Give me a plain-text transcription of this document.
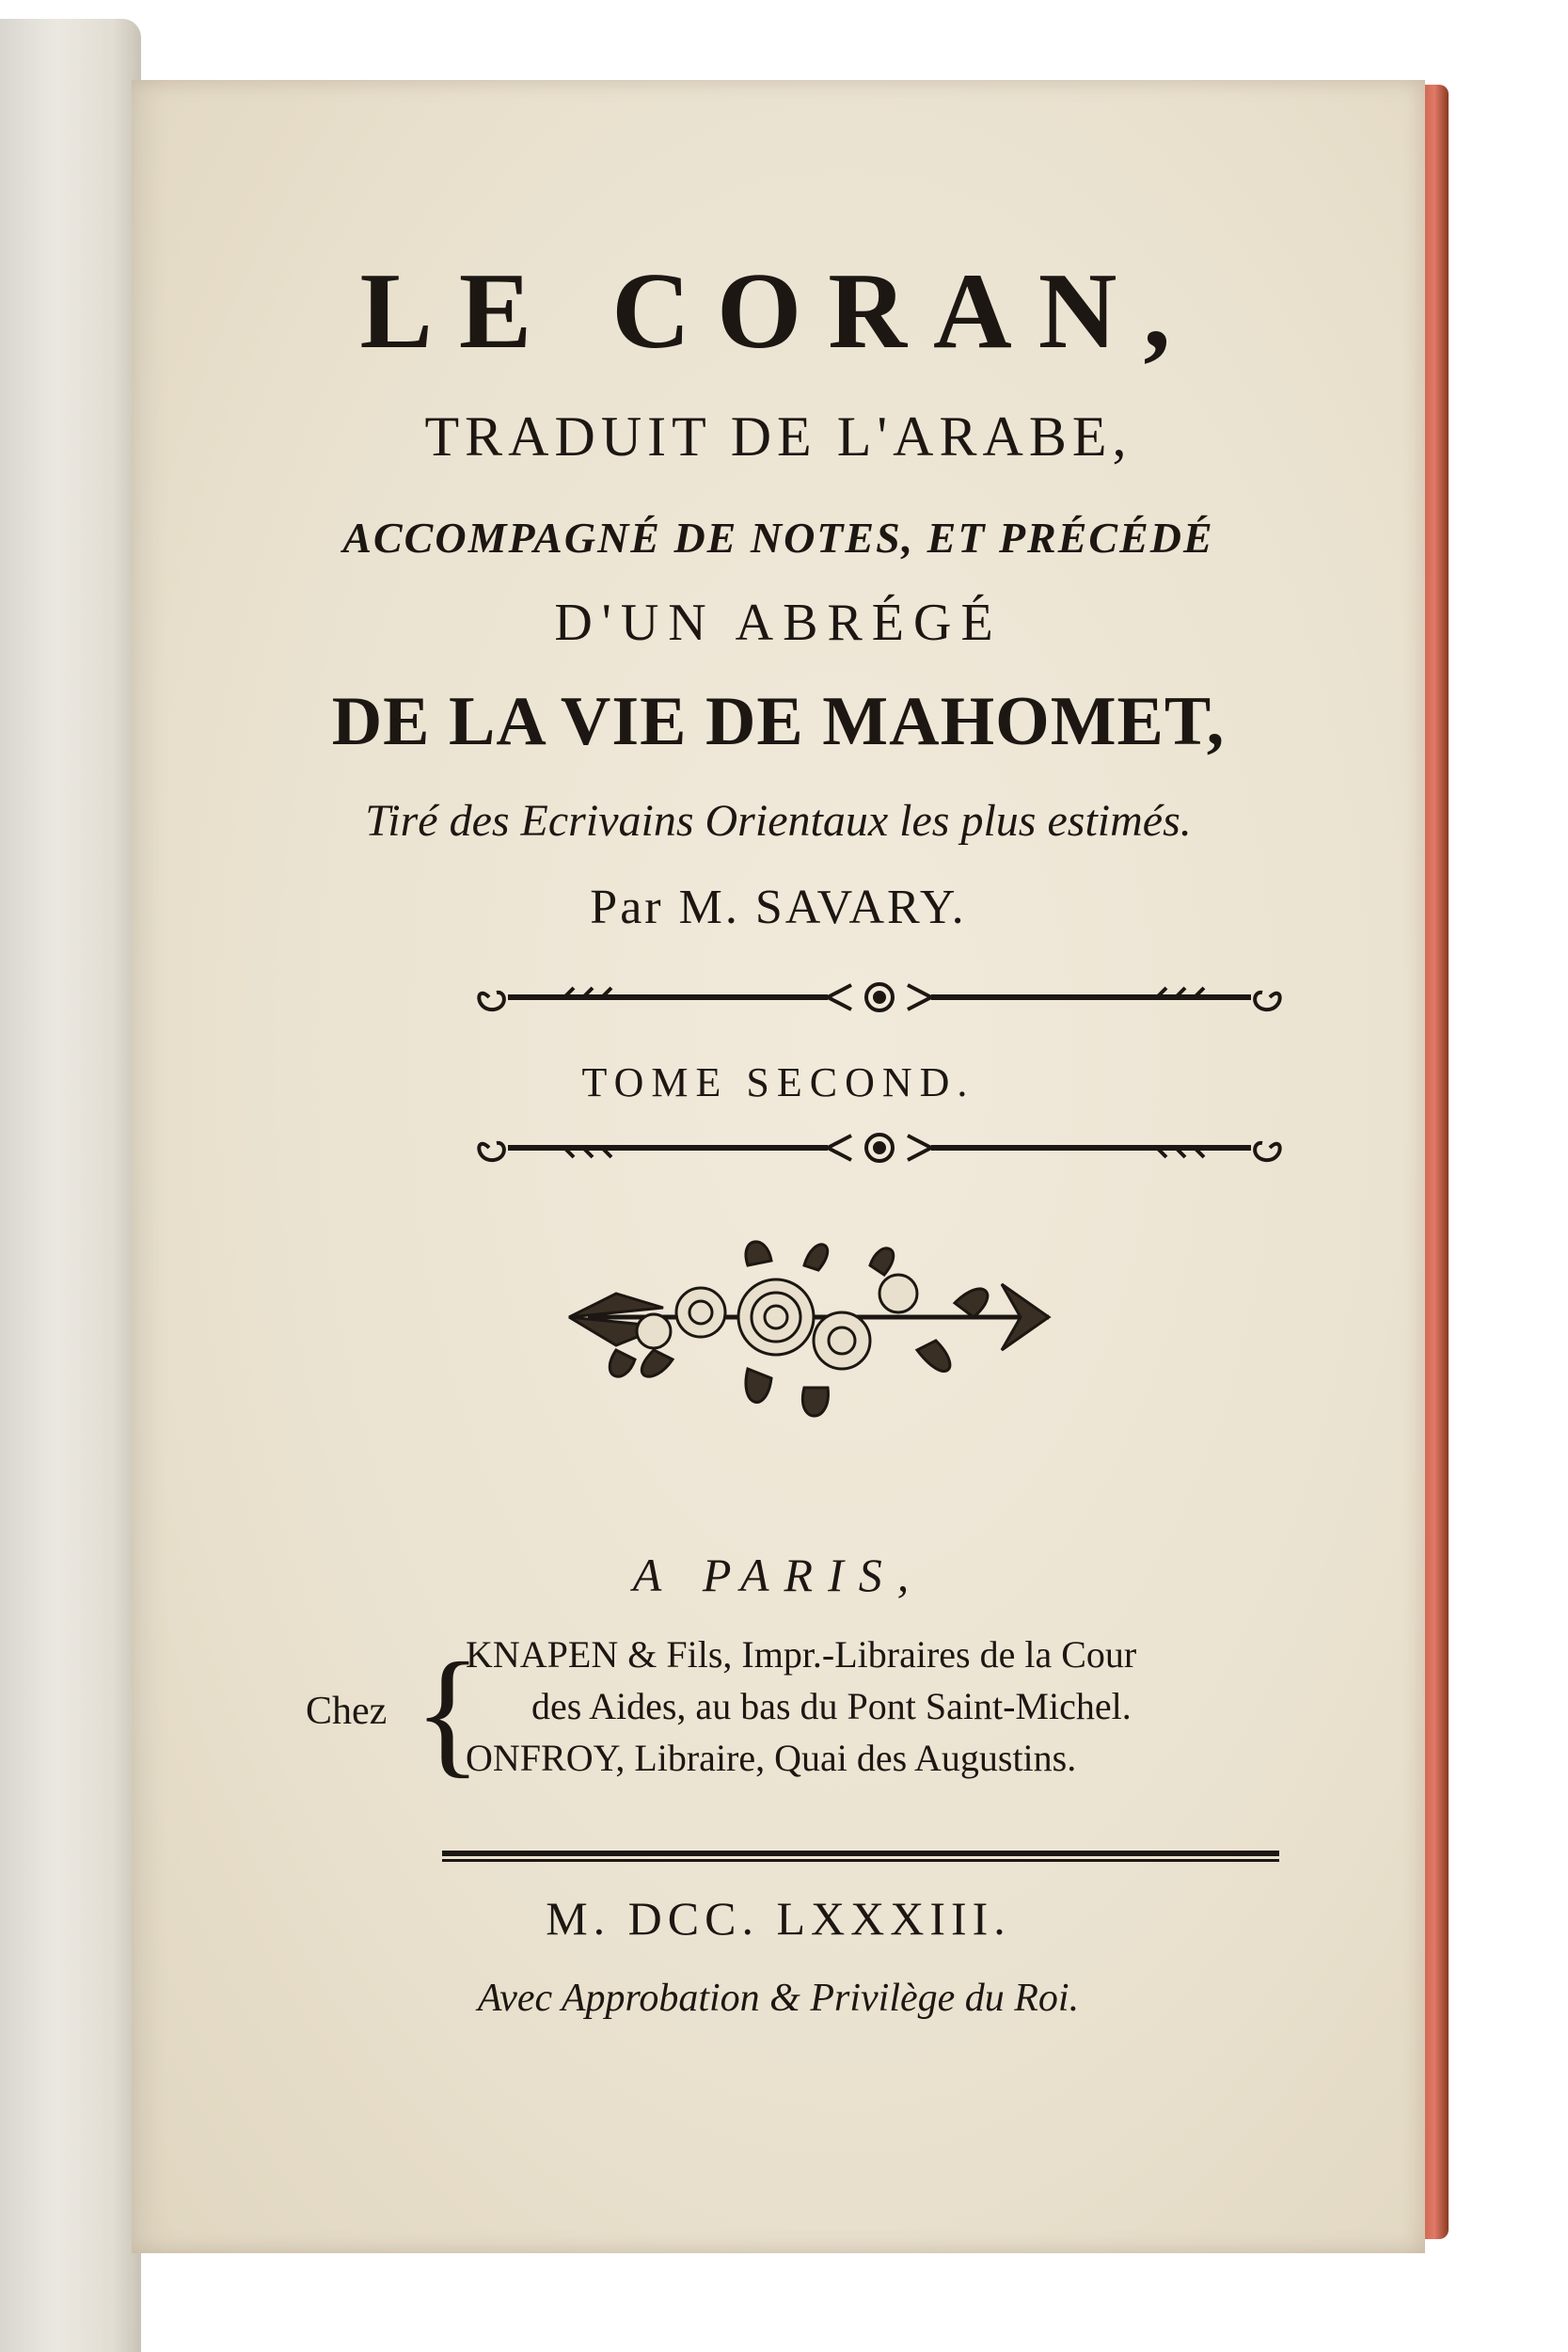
LE CORAN,
TRADUIT DE L'ARABE,
ACCOMPAGNÉ DE NOTES, ET PRÉCÉDÉ
D'UN ABRÉGÉ
DE LA VIE DE MAHOMET,
Tiré des Ecrivains Orientaux les plus estimés.
Par M. SAVARY.
TOME SECOND.
A PARIS,
Chez {
KNAPEN & Fils, Impr.-Libraires de la Cour
des Aides, au bas du Pont Saint-Michel.
ONFROY, Libraire, Quai des Augustins.
M. DCC. LXXXIII.
Avec Approbation & Privilège du Roi.
